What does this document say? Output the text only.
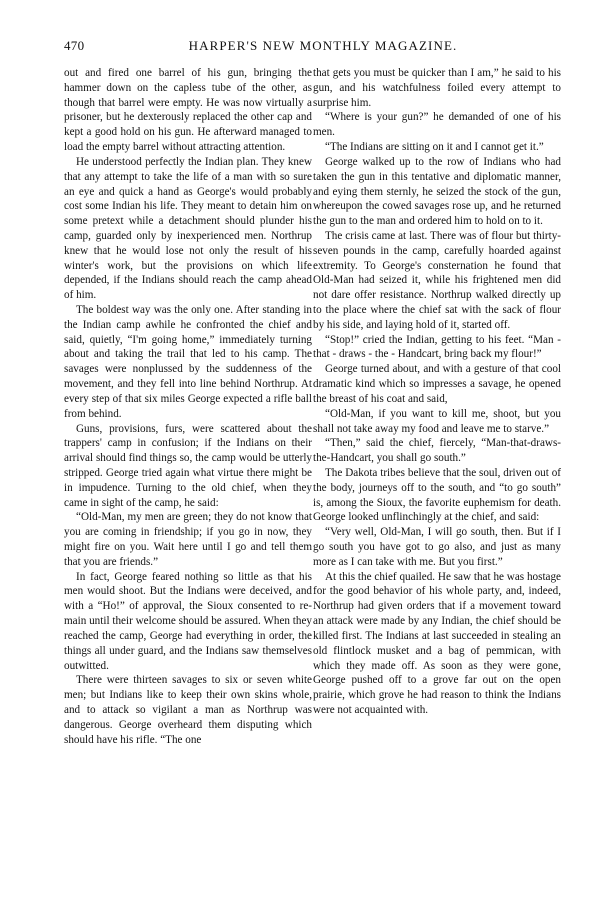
470	HARPER'S NEW MONTHLY MAGAZINE.

out and fired one barrel of his gun, bringing the hammer down on the capless tube of the other, as though that barrel were empty. He was now virtually a prisoner, but he dexterously replaced the other cap and kept a good hold on his gun. He afterward managed to load the empty barrel without attracting attention.

He understood perfectly the Indian plan. They knew that any attempt to take the life of a man with so sure an eye and quick a hand as George's would probably cost some Indian his life. They meant to detain him on some pretext while a detachment should plunder his camp, guarded only by inexperienced men. Northrup knew that he would lose not only the result of his winter's work, but the provisions on which life depended, if the Indians should reach the camp ahead of him.

The boldest way was the only one. After standing in the Indian camp awhile he confronted the chief and said, quietly, “I'm going home,” immediately turning about and taking the trail that led to his camp. The savages were nonplussed by the suddenness of the movement, and they fell into line behind Northrup. At every step of that six miles George expected a rifle ball from behind.

Guns, provisions, furs, were scattered about the trappers' camp in confusion; if the Indians on their arrival should find things so, the camp would be utterly stripped. George tried again what virtue there might be in impudence. Turning to the old chief, when they came in sight of the camp, he said:

“Old-Man, my men are green; they do not know that you are coming in friendship; if you go in now, they might fire on you. Wait here until I go and tell them that you are friends.”

In fact, George feared nothing so little as that his men would shoot. But the Indians were deceived, and with a “Ho!” of approval, the Sioux consented to remain until their welcome should be assured. When they reached the camp, George had everything in order, the things all under guard, and the Indians saw themselves outwitted.

There were thirteen savages to six or seven white men; but Indians like to keep their own skins whole, and to attack so vigilant a man as Northrup was dangerous. George overheard them disputing which should have his rifle. “The one

that gets you must be quicker than I am,” he said to his gun, and his watchfulness foiled every attempt to surprise him.

“Where is your gun?” he demanded of one of his men.

“The Indians are sitting on it and I cannot get it.”

George walked up to the row of Indians who had taken the gun in this tentative and diplomatic manner, and eying them sternly, he seized the stock of the gun, whereupon the cowed savages rose up, and he returned the gun to the man and ordered him to hold on to it.

The crisis came at last. There was of flour but thirty-seven pounds in the camp, carefully hoarded against extremity. To George's consternation he found that Old-Man had seized it, while his frightened men did not dare offer resistance. Northrup walked directly up to the place where the chief sat with the sack of flour by his side, and laying hold of it, started off.

“Stop!” cried the Indian, getting to his feet. “Man - that - draws - the - Handcart, bring back my flour!”

George turned about, and with a gesture of that cool dramatic kind which so impresses a savage, he opened the breast of his coat and said,

“Old-Man, if you want to kill me, shoot, but you shall not take away my food and leave me to starve.”

“Then,” said the chief, fiercely, “Man-that-draws-the-Handcart, you shall go south.”

The Dakota tribes believe that the soul, driven out of the body, journeys off to the south, and “to go south” is, among the Sioux, the favorite euphemism for death. George looked unflinchingly at the chief, and said:

“Very well, Old-Man, I will go south, then. But if I go south you have got to go also, and just as many more as I can take with me. But you first.”

At this the chief quailed. He saw that he was hostage for the good behavior of his whole party, and, indeed, Northrup had given orders that if a movement toward an attack were made by any Indian, the chief should be killed first. The Indians at last succeeded in stealing an old flintlock musket and a bag of pemmican, with which they made off. As soon as they were gone, George pushed off to a grove far out on the open prairie, which grove he had reason to think the Indians were not acquainted with.
